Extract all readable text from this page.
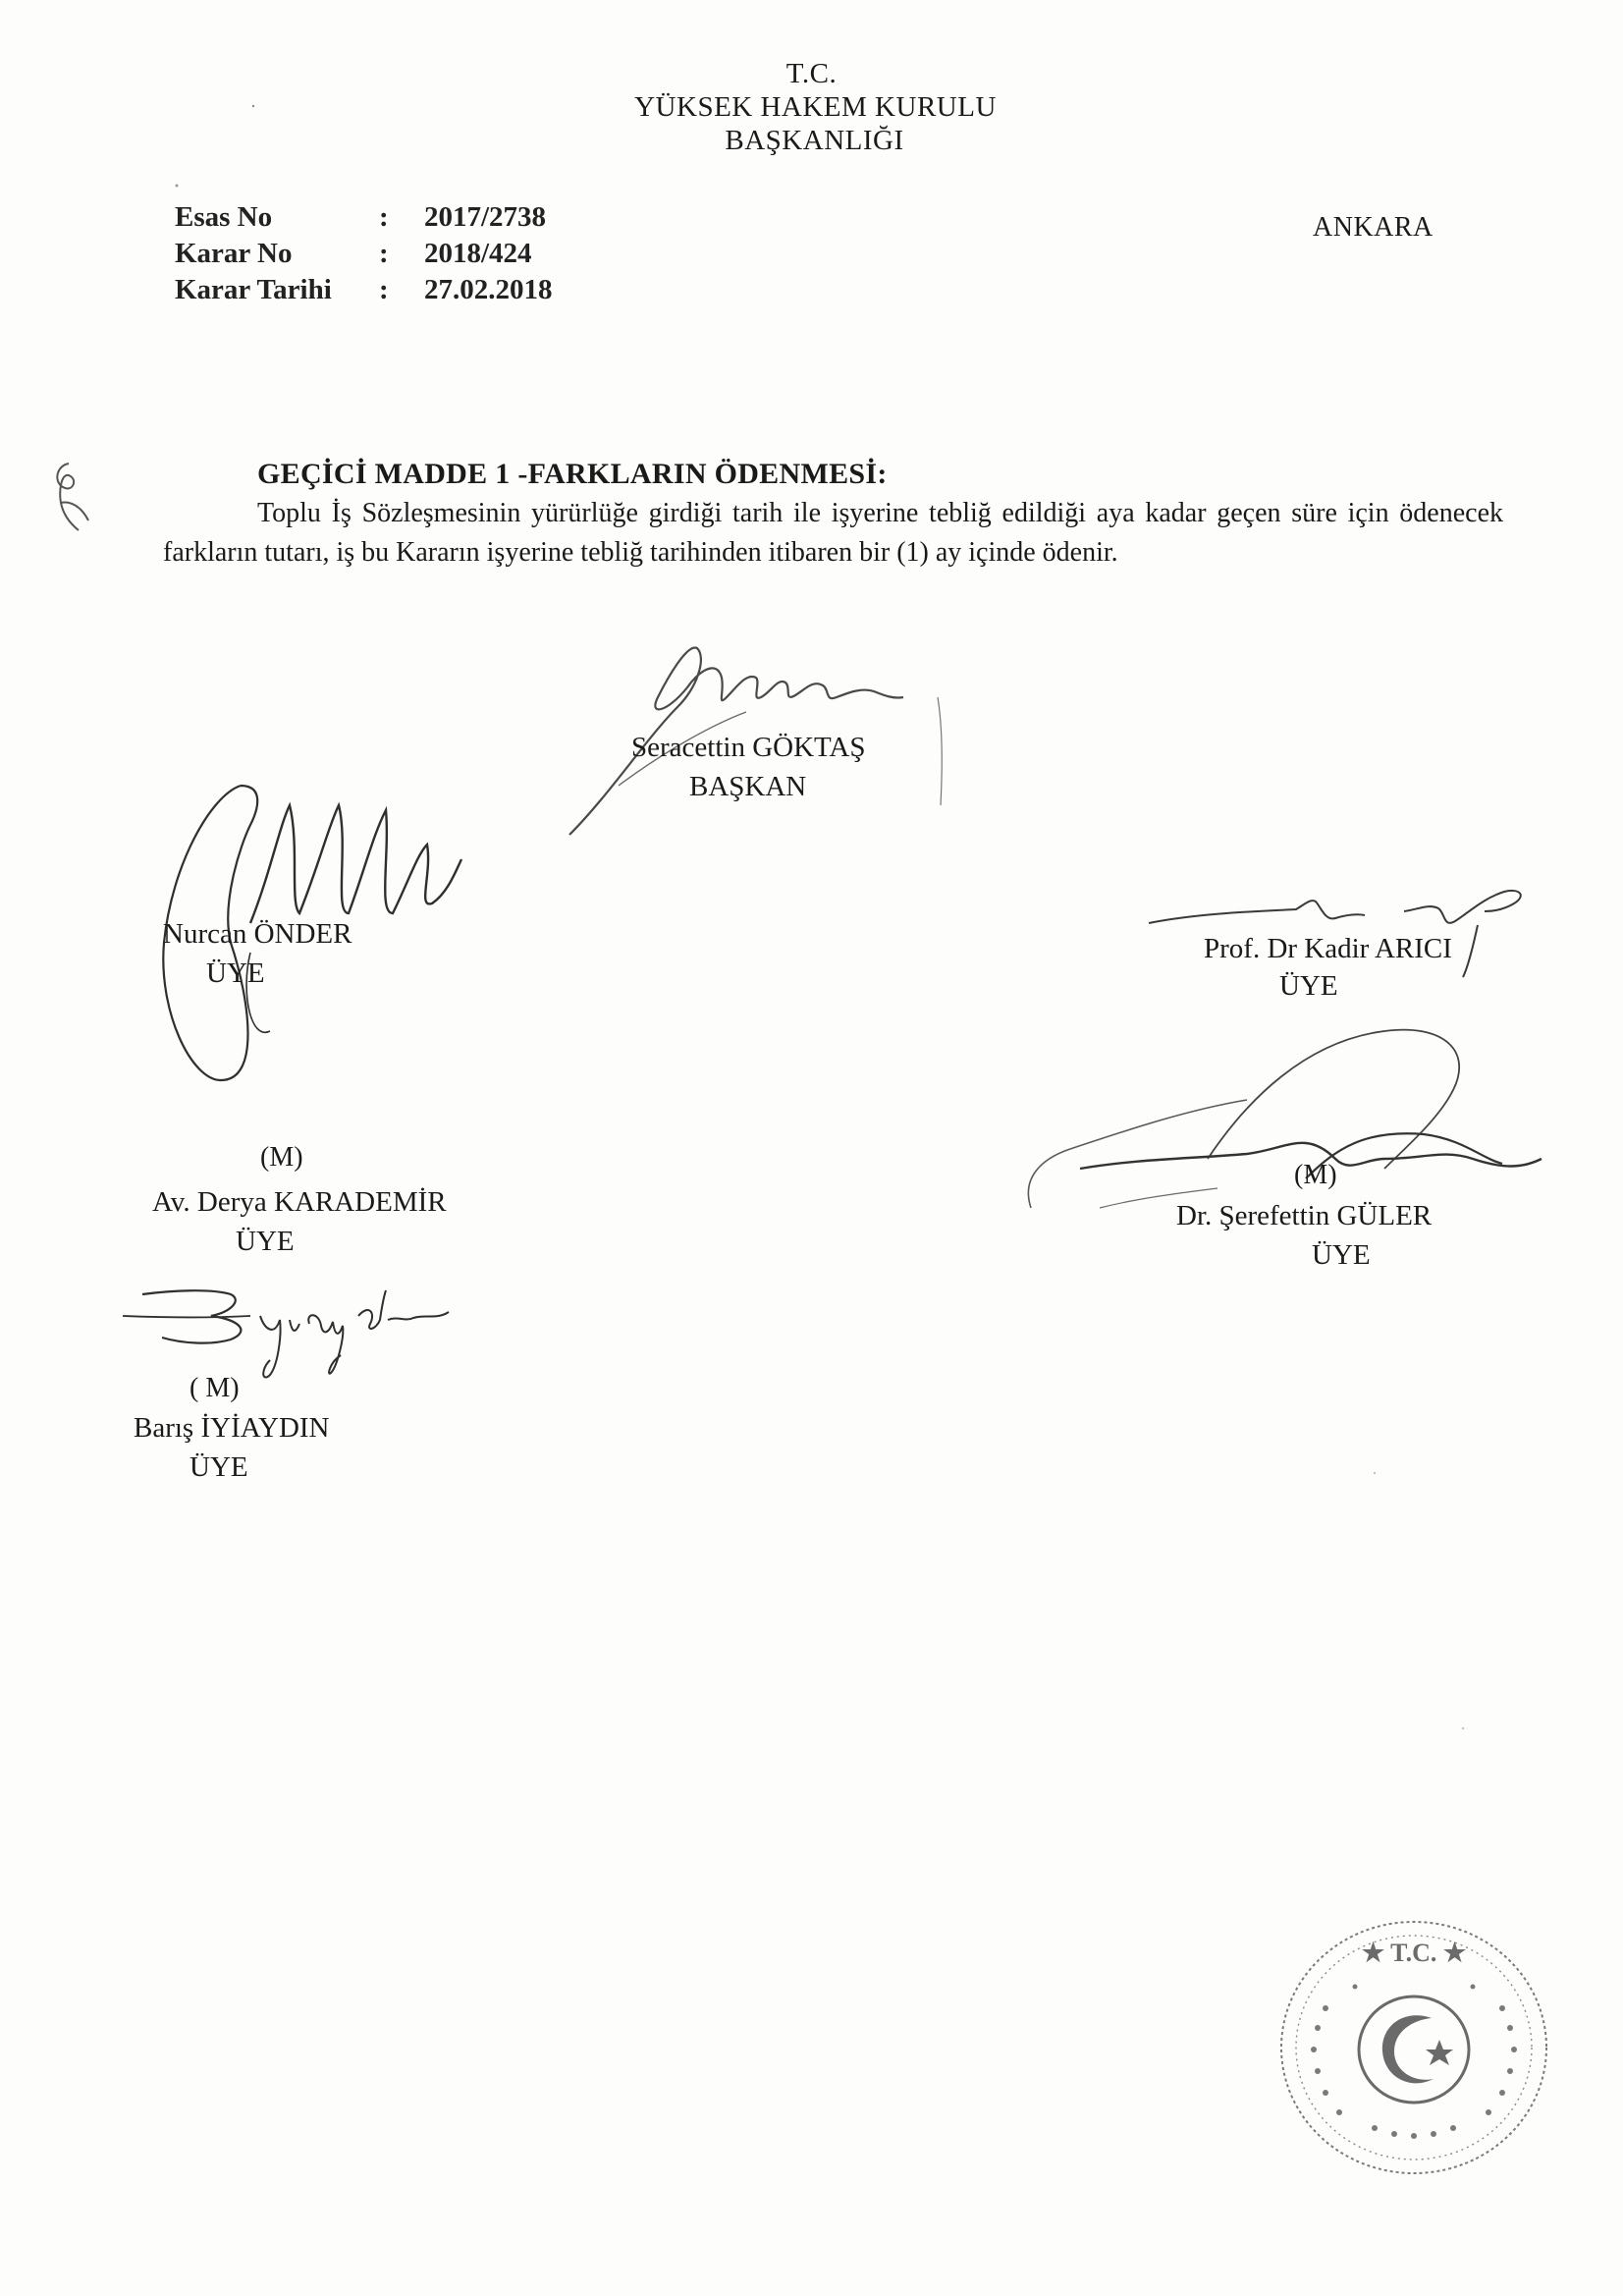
T.C.
YÜKSEK HAKEM KURULU
BAŞKANLIĞI
Esas No	:	2017/2738
Karar No	:	2018/424
Karar Tarihi	:	27.02.2018
ANKARA
GEÇİCİ MADDE 1 -FARKLARIN ÖDENMESİ:
Toplu İş Sözleşmesinin yürürlüğe girdiği tarih ile işyerine tebliğ edildiği aya kadar geçen süre için ödenecek farkların tutarı, iş bu Kararın işyerine tebliğ tarihinden itibaren bir (1) ay içinde ödenir.
Seracettin GÖKTAŞ
BAŞKAN
Nurcan ÖNDER
ÜYE
Prof. Dr Kadir ARICI
ÜYE
(M)
Dr. Şerefettin GÜLER
ÜYE
(M)
Av. Derya KARADEMİR
ÜYE
( M)
Barış İYİAYDIN
ÜYE
★ T.C. ★
